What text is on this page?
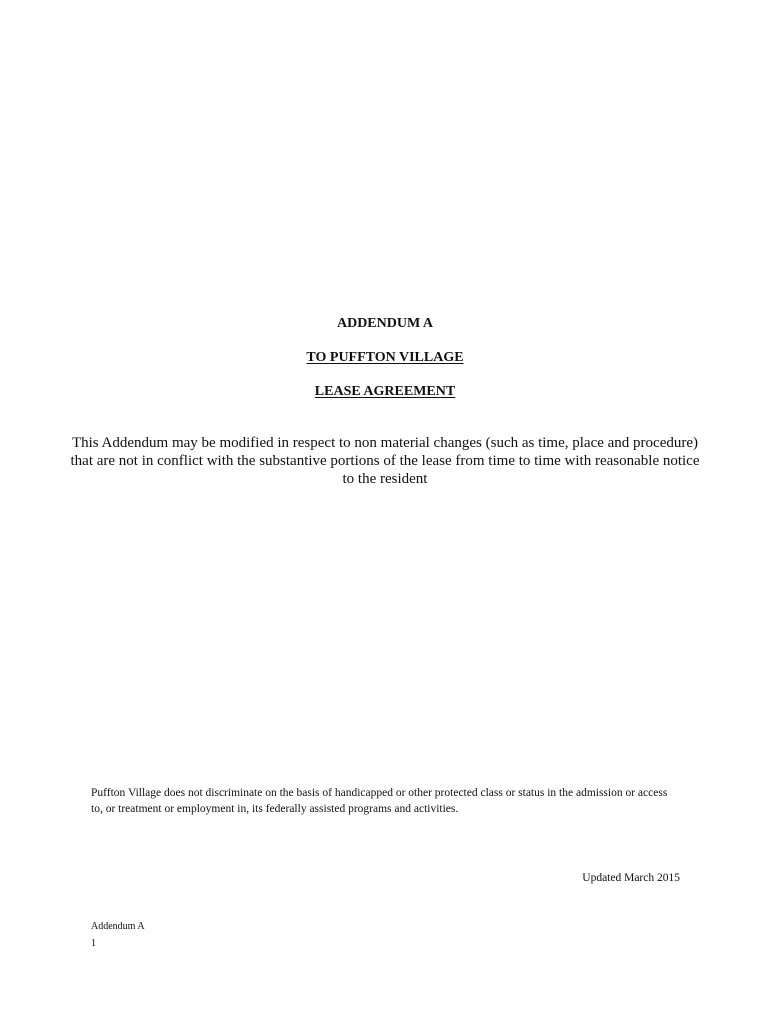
ADDENDUM A
TO PUFFTON VILLAGE
LEASE AGREEMENT

This Addendum may be modified in respect to non material changes (such as time, place and procedure)
that are not in conflict with the substantive portions of the lease from time to time with reasonable notice
to the resident

Puffton Village does not discriminate on the basis of handicapped or other protected class or status in the admission or access
to, or treatment or employment in, its federally assisted programs and activities.

Updated March 2015

Addendum A

1
